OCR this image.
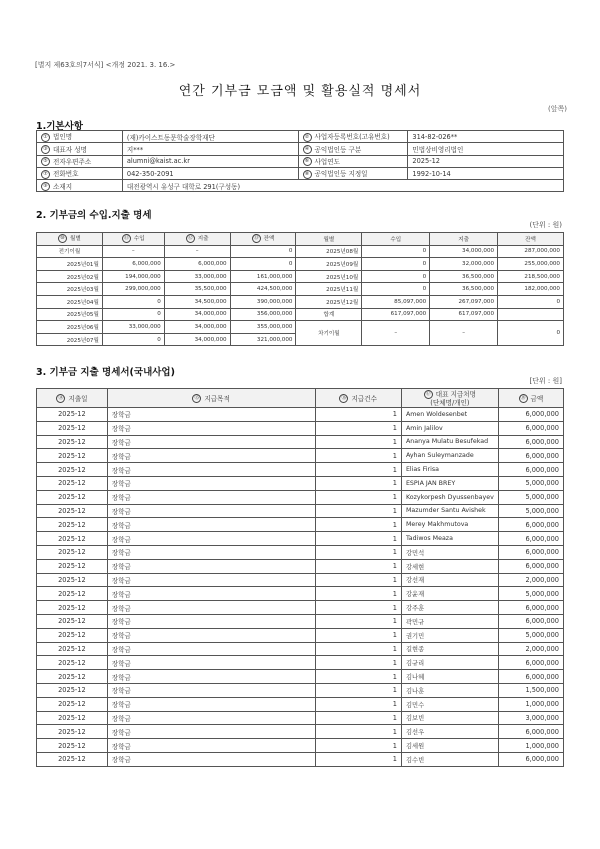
[별지 제63호의7서식] <개정 2021. 3. 16.>
연간 기부금 모금액 및 활용실적 명세서
(앞쪽)
1.기본사항
① 법인명	(재)카이스트동문학술장학재단	② 사업자등록번호(고유번호)	314-82-026**
③ 대표자 성명	지***	④ 공익법인등 구분	민법상비영리법인
⑤ 전자우편주소	alumni@kaist.ac.kr	⑥ 사업연도	2025-12
⑦ 전화번호	042-350-2091	⑧ 공익법인등 지정일	1992-10-14
⑨ 소재지	대전광역시 유성구 대학로 291(구성동)		
2. 기부금의 수입.지출 명세
(단위 : 원)
⑩ 월별	⑪ 수입	⑫ 지출	⑬ 잔액	월별	수입	지출	잔액
전기이월	–	–	0	2025년08월	0	34,000,000	287,000,000
2025년01월	6,000,000	6,000,000	0	2025년09월	0	32,000,000	255,000,000
2025년02월	194,000,000	33,000,000	161,000,000	2025년10월	0	36,500,000	218,500,000
2025년03월	299,000,000	35,500,000	424,500,000	2025년11월	0	36,500,000	182,000,000
2025년04월	0	34,500,000	390,000,000	2025년12월	85,097,000	267,097,000	0
2025년05월	0	34,000,000	356,000,000	합계	617,097,000	617,097,000	
2025년06월	33,000,000	34,000,000	355,000,000	차기이월	–	–	0
2025년07월	0	34,000,000	321,000,000				
3. 기부금 지출 명세서(국내사업)
[단위 : 원]
⑭ 지출일	⑮ 지급목적	⑯ 지급건수	⑰ 대표 지급처명
(단체명/개인)	⑱ 금액
2025-12	장학금	1	Amen Woldesenbet	6,000,000
2025-12	장학금	1	Amin Jalilov	6,000,000
2025-12	장학금	1	Ananya Mulatu Besufekad	6,000,000
2025-12	장학금	1	Ayhan Suleymanzade	6,000,000
2025-12	장학금	1	Elias Firisa	6,000,000
2025-12	장학금	1	ESPIA JAN BREY	5,000,000
2025-12	장학금	1	Kozykorpesh Dyussenbayev	5,000,000
2025-12	장학금	1	Mazumder Santu Avishek	5,000,000
2025-12	장학금	1	Merey Makhmutova	6,000,000
2025-12	장학금	1	Tadiwos Meaza	6,000,000
2025-12	장학금	1	강민석	6,000,000
2025-12	장학금	1	강세현	6,000,000
2025-12	장학금	1	강선재	2,000,000
2025-12	장학금	1	강윤재	5,000,000
2025-12	장학금	1	강주훈	6,000,000
2025-12	장학금	1	곽민규	6,000,000
2025-12	장학금	1	권기민	5,000,000
2025-12	장학금	1	길현종	2,000,000
2025-12	장학금	1	김규리	6,000,000
2025-12	장학금	1	김나혜	6,000,000
2025-12	장학금	1	김나훈	1,500,000
2025-12	장학금	1	김민수	1,000,000
2025-12	장학금	1	김보빈	3,000,000
2025-12	장학금	1	김선우	6,000,000
2025-12	장학금	1	김세원	1,000,000
2025-12	장학금	1	김수빈	6,000,000
